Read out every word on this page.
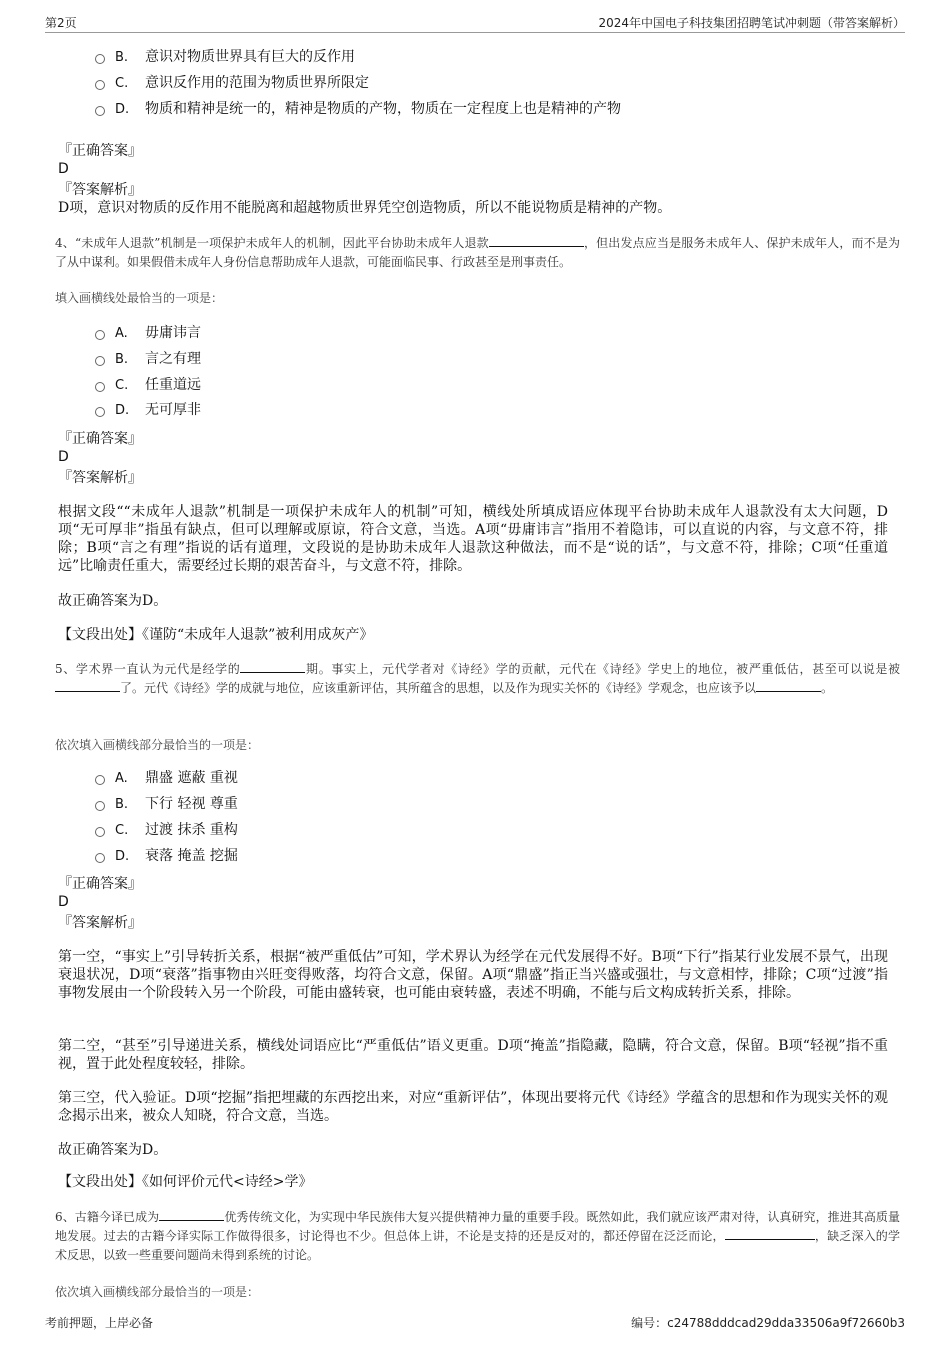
第2页	2024年中国电子科技集团招聘笔试冲刺题（带答案解析）
B. 意识对物质世界具有巨大的反作用
C. 意识反作用的范围为物质世界所限定
D. 物质和精神是统一的，精神是物质的产物，物质在一定程度上也是精神的产物
『正确答案』
D
『答案解析』
D项，意识对物质的反作用不能脱离和超越物质世界凭空创造物质，所以不能说物质是精神的产物。
4、“未成年人退款”机制是一项保护未成年人的机制，因此平台协助未成年人退款	，但出发点应当是服务未成年人、保护未成年人，而不是为了从中谋利。如果假借未成年人身份信息帮助成年人退款，可能面临民事、行政甚至是刑事责任。
填入画横线处最恰当的一项是：
A. 毋庸讳言
B. 言之有理
C. 任重道远
D. 无可厚非
『正确答案』
D
『答案解析』
根据文段““未成年人退款”机制是一项保护未成年人的机制”可知，横线处所填成语应体现平台协助未成年人退款没有太大问题，D项“无可厚非”指虽有缺点，但可以理解或原谅，符合文意，当选。A项“毋庸讳言”指用不着隐讳，可以直说的内容，与文意不符，排除；B项“言之有理”指说的话有道理，文段说的是协助未成年人退款这种做法，而不是“说的话”，与文意不符，排除；C项“任重道远”比喻责任重大，需要经过长期的艰苦奋斗，与文意不符，排除。
故正确答案为D。
【文段出处】《谨防“未成年人退款”被利用成灰产》
5、学术界一直认为元代是经学的	期。事实上，元代学者对《诗经》学的贡献，元代在《诗经》学史上的地位，被严重低估，甚至可以说是被了。元代《诗经》学的成就与地位，应该重新评估，其所蕴含的思想，以及作为现实关怀的《诗经》学观念，也应该予以	。
依次填入画横线部分最恰当的一项是：
A. 鼎盛 遮蔽 重视
B. 下行 轻视 尊重
C. 过渡 抹杀 重构
D. 衰落 掩盖 挖掘
『正确答案』
D
『答案解析』
第一空，“事实上”引导转折关系，根据“被严重低估”可知，学术界认为经学在元代发展得不好。B项“下行”指某行业发展不景气，出现衰退状况，D项“衰落”指事物由兴旺变得败落，均符合文意，保留。A项“鼎盛”指正当兴盛或强壮，与文意相悖，排除；C项“过渡”指事物发展由一个阶段转入另一个阶段，可能由盛转衰，也可能由衰转盛，表述不明确，不能与后文构成转折关系，排除。
第二空，“甚至”引导递进关系，横线处词语应比“严重低估”语义更重。D项“掩盖”指隐藏，隐瞒，符合文意，保留。B项“轻视”指不重视，置于此处程度较轻，排除。
第三空，代入验证。D项“挖掘”指把埋藏的东西挖出来，对应“重新评估”，体现出要将元代《诗经》学蕴含的思想和作为现实关怀的观念揭示出来，被众人知晓，符合文意，当选。
故正确答案为D。
【文段出处】《如何评价元代<诗经>学》
6、古籍今译已成为	优秀传统文化，为实现中华民族伟大复兴提供精神力量的重要手段。既然如此，我们就应该严肃对待，认真研究，推进其高质量地发展。过去的古籍今译实际工作做得很多，讨论得也不少。但总体上讲，不论是支持的还是反对的，都还停留在泛泛而论，	，缺乏深入的学术反思，以致一些重要问题尚未得到系统的讨论。
依次填入画横线部分最恰当的一项是：
考前押题，上岸必备	编号：c24788dddcad29dda33506a9f72660b3
